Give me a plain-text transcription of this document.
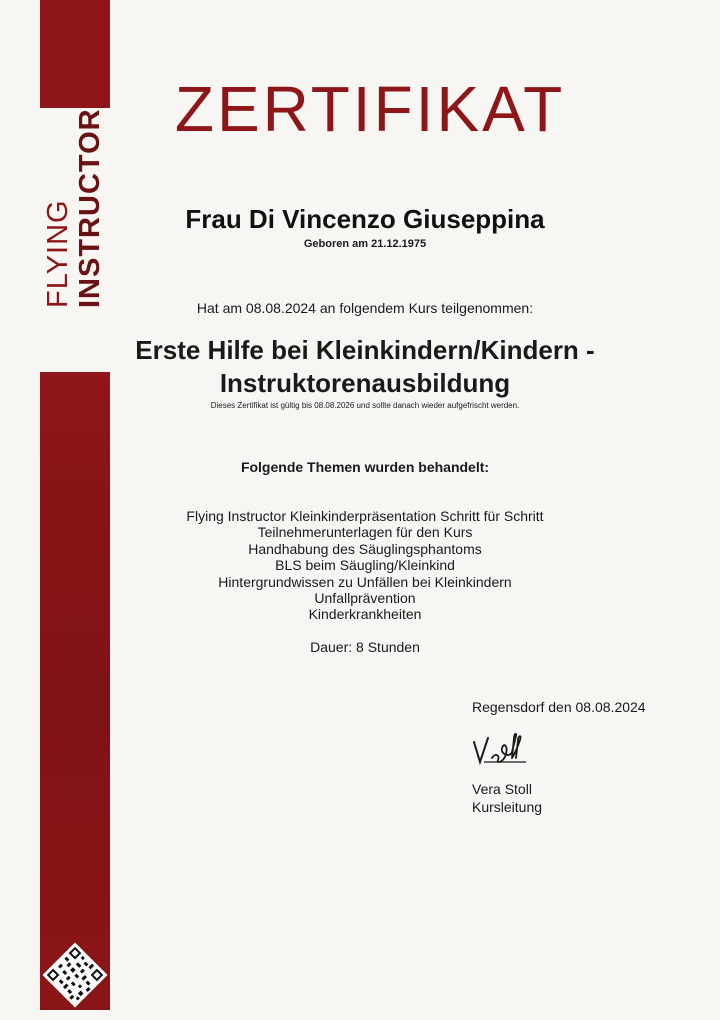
FLYING INSTRUCTOR	ZERTIFIKAT
Frau Di Vincenzo Giuseppina
Geboren am 21.12.1975
Hat am 08.08.2024 an folgendem Kurs teilgenommen:
Erste Hilfe bei Kleinkindern/Kindern -
Instruktorenausbildung
Dieses Zertifikat ist gültig bis 08.08.2026 und sollte danach wieder aufgefrischt werden.
Folgende Themen wurden behandelt:
Flying Instructor Kleinkinderpräsentation Schritt für Schritt
Teilnehmerunterlagen für den Kurs
Handhabung des Säuglingsphantoms
BLS beim Säugling/Kleinkind
Hintergrundwissen zu Unfällen bei Kleinkindern
Unfallprävention
Kinderkrankheiten
Dauer: 8 Stunden
Regensdorf den 08.08.2024
Vera Stoll
Kursleitung
